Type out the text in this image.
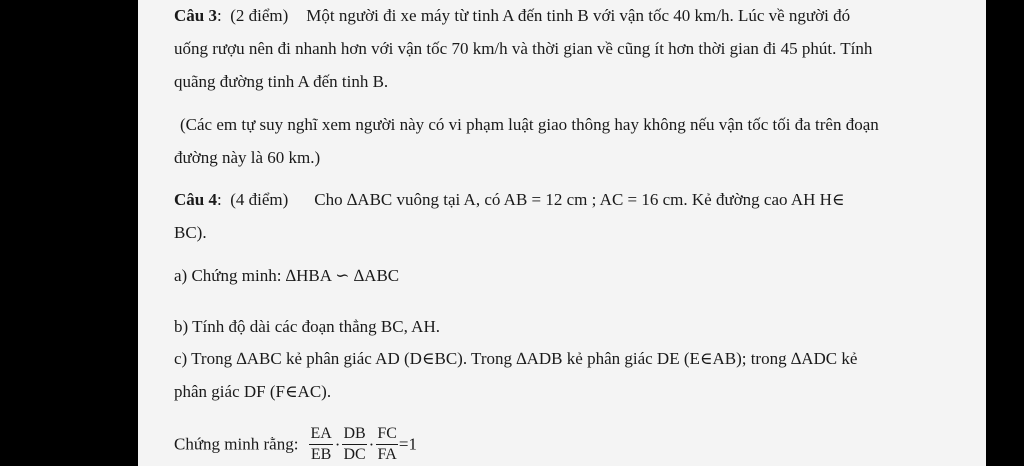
Câu 3:  (2 điểm) Một người đi xe máy từ tinh A đến tinh B với vận tốc 40 km/h. Lúc về người đó
uống rượu nên đi nhanh hơn với vận tốc 70 km/h và thời gian về cũng ít hơn thời gian đi 45 phút. Tính
quãng đường tinh A đến tinh B.
(Các em tự suy nghĩ xem người này có vi phạm luật giao thông hay không nếu vận tốc tối đa trên đoạn
đường này là 60 km.)
Câu 4:  (4 điểm) Cho ∆ABC vuông tại A, có AB = 12 cm ; AC = 16 cm. Kẻ đường cao AH H∈
BC).
a) Chứng minh: ∆HBA ∽ ∆ABC
b) Tính độ dài các đoạn thẳng BC, AH.
c) Trong ∆ABC kẻ phân giác AD (D∈BC). Trong ∆ADB kẻ phân giác DE (E∈AB); trong ∆ADC kẻ
phân giác DF (F∈AC).
Chứng minh rằng: $\frac{EA}{EB} \cdot \frac{DB}{DC} \cdot \frac{FC}{FA} =1$
